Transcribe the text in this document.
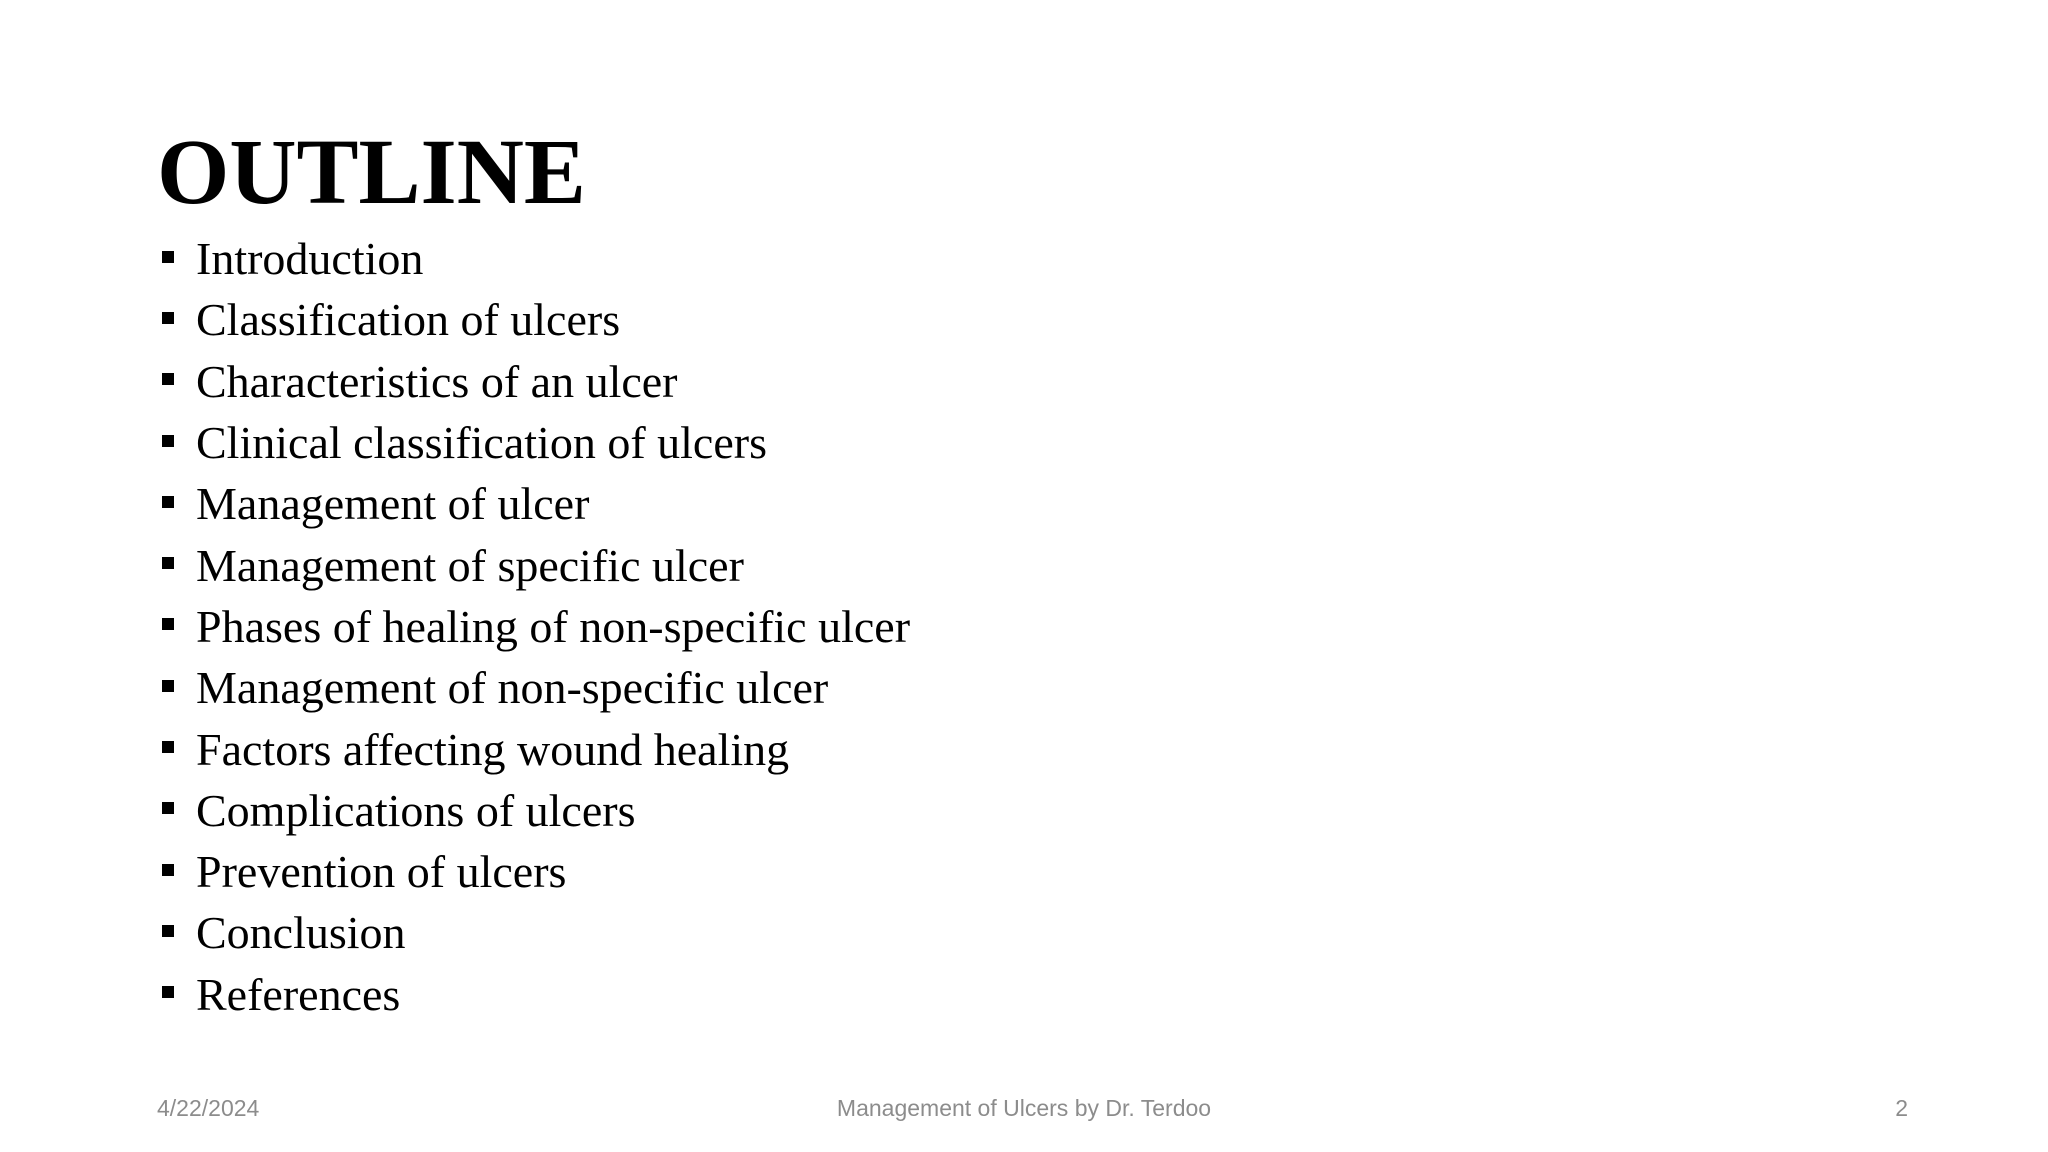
OUTLINE
Introduction
Classification of ulcers
Characteristics of an ulcer
Clinical classification of ulcers
Management of ulcer
Management of specific ulcer
Phases of healing of non-specific ulcer
Management of non-specific ulcer
Factors affecting wound healing
Complications of ulcers
Prevention of ulcers
Conclusion
References
4/22/2024	Management of Ulcers by Dr. Terdoo	2
